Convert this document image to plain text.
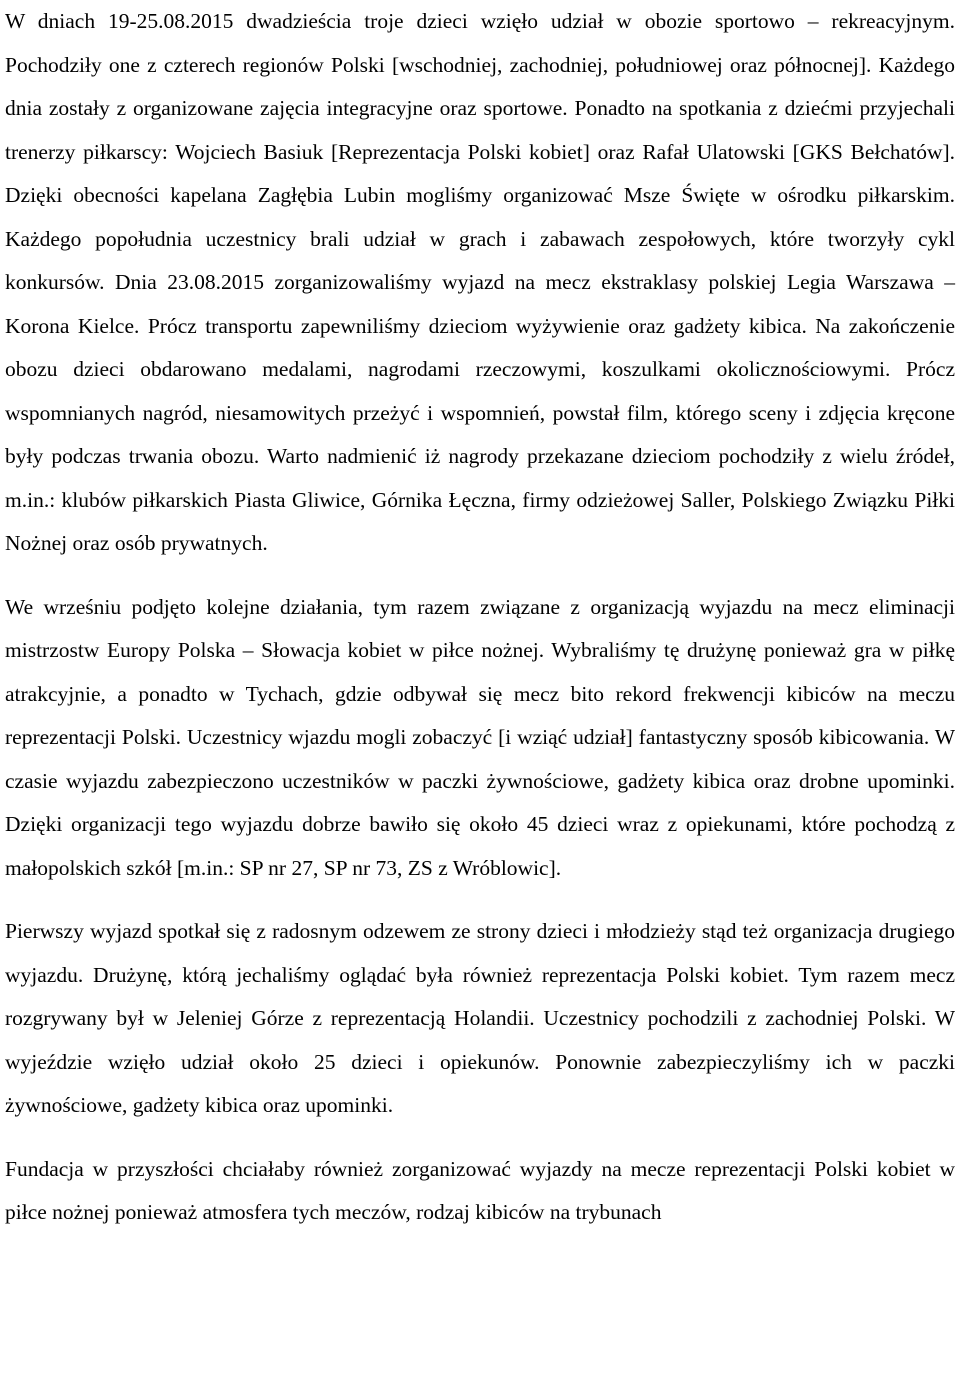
W dniach 19-25.08.2015 dwadzieścia troje dzieci wzięło udział w obozie sportowo – rekreacyjnym. Pochodziły one z czterech regionów Polski [wschodniej, zachodniej, południowej oraz północnej]. Każdego dnia zostały z organizowane zajęcia integracyjne oraz sportowe. Ponadto na spotkania z dziećmi przyjechali trenerzy piłkarscy: Wojciech Basiuk [Reprezentacja Polski kobiet] oraz Rafał Ulatowski [GKS Bełchatów]. Dzięki obecności kapelana Zagłębia Lubin mogliśmy organizować Msze Święte w ośrodku piłkarskim. Każdego popołudnia uczestnicy brali udział w grach i zabawach zespołowych, które tworzyły cykl konkursów. Dnia 23.08.2015 zorganizowaliśmy wyjazd na mecz ekstraklasy polskiej Legia Warszawa – Korona Kielce. Prócz transportu zapewniliśmy dzieciom wyżywienie oraz gadżety kibica. Na zakończenie obozu dzieci obdarowano medalami, nagrodami rzeczowymi, koszulkami okolicznościowymi. Prócz wspomnianych nagród, niesamowitych przeżyć i wspomnień, powstał film, którego sceny i zdjęcia kręcone były podczas trwania obozu. Warto nadmienić iż nagrody przekazane dzieciom pochodziły z wielu źródeł, m.in.: klubów piłkarskich Piasta Gliwice, Górnika Łęczna, firmy odzieżowej Saller, Polskiego Związku Piłki Nożnej oraz osób prywatnych.

We wrześniu podjęto kolejne działania, tym razem związane z organizacją wyjazdu na mecz eliminacji mistrzostw Europy Polska – Słowacja kobiet w piłce nożnej. Wybraliśmy tę drużynę ponieważ gra w piłkę atrakcyjnie, a ponadto w Tychach, gdzie odbywał się mecz bito rekord frekwencji kibiców na meczu reprezentacji Polski. Uczestnicy wjazdu mogli zobaczyć [i wziąć udział] fantastyczny sposób kibicowania. W czasie wyjazdu zabezpieczono uczestników w paczki żywnościowe, gadżety kibica oraz drobne upominki. Dzięki organizacji tego wyjazdu dobrze bawiło się około 45 dzieci wraz z opiekunami, które pochodzą z małopolskich szkół [m.in.: SP nr 27, SP nr 73, ZS z Wróblowic].

Pierwszy wyjazd spotkał się z radosnym odzewem ze strony dzieci i młodzieży stąd też organizacja drugiego wyjazdu. Drużynę, którą jechaliśmy oglądać była również reprezentacja Polski kobiet. Tym razem mecz rozgrywany był w Jeleniej Górze z reprezentacją Holandii. Uczestnicy pochodzili z zachodniej Polski. W wyjeździe wzięło udział około 25 dzieci i opiekunów. Ponownie zabezpieczyliśmy ich w paczki żywnościowe, gadżety kibica oraz upominki.

Fundacja w przyszłości chciałaby również zorganizować wyjazdy na mecze reprezentacji Polski kobiet w piłce nożnej ponieważ atmosfera tych meczów, rodzaj kibiców na trybunach
